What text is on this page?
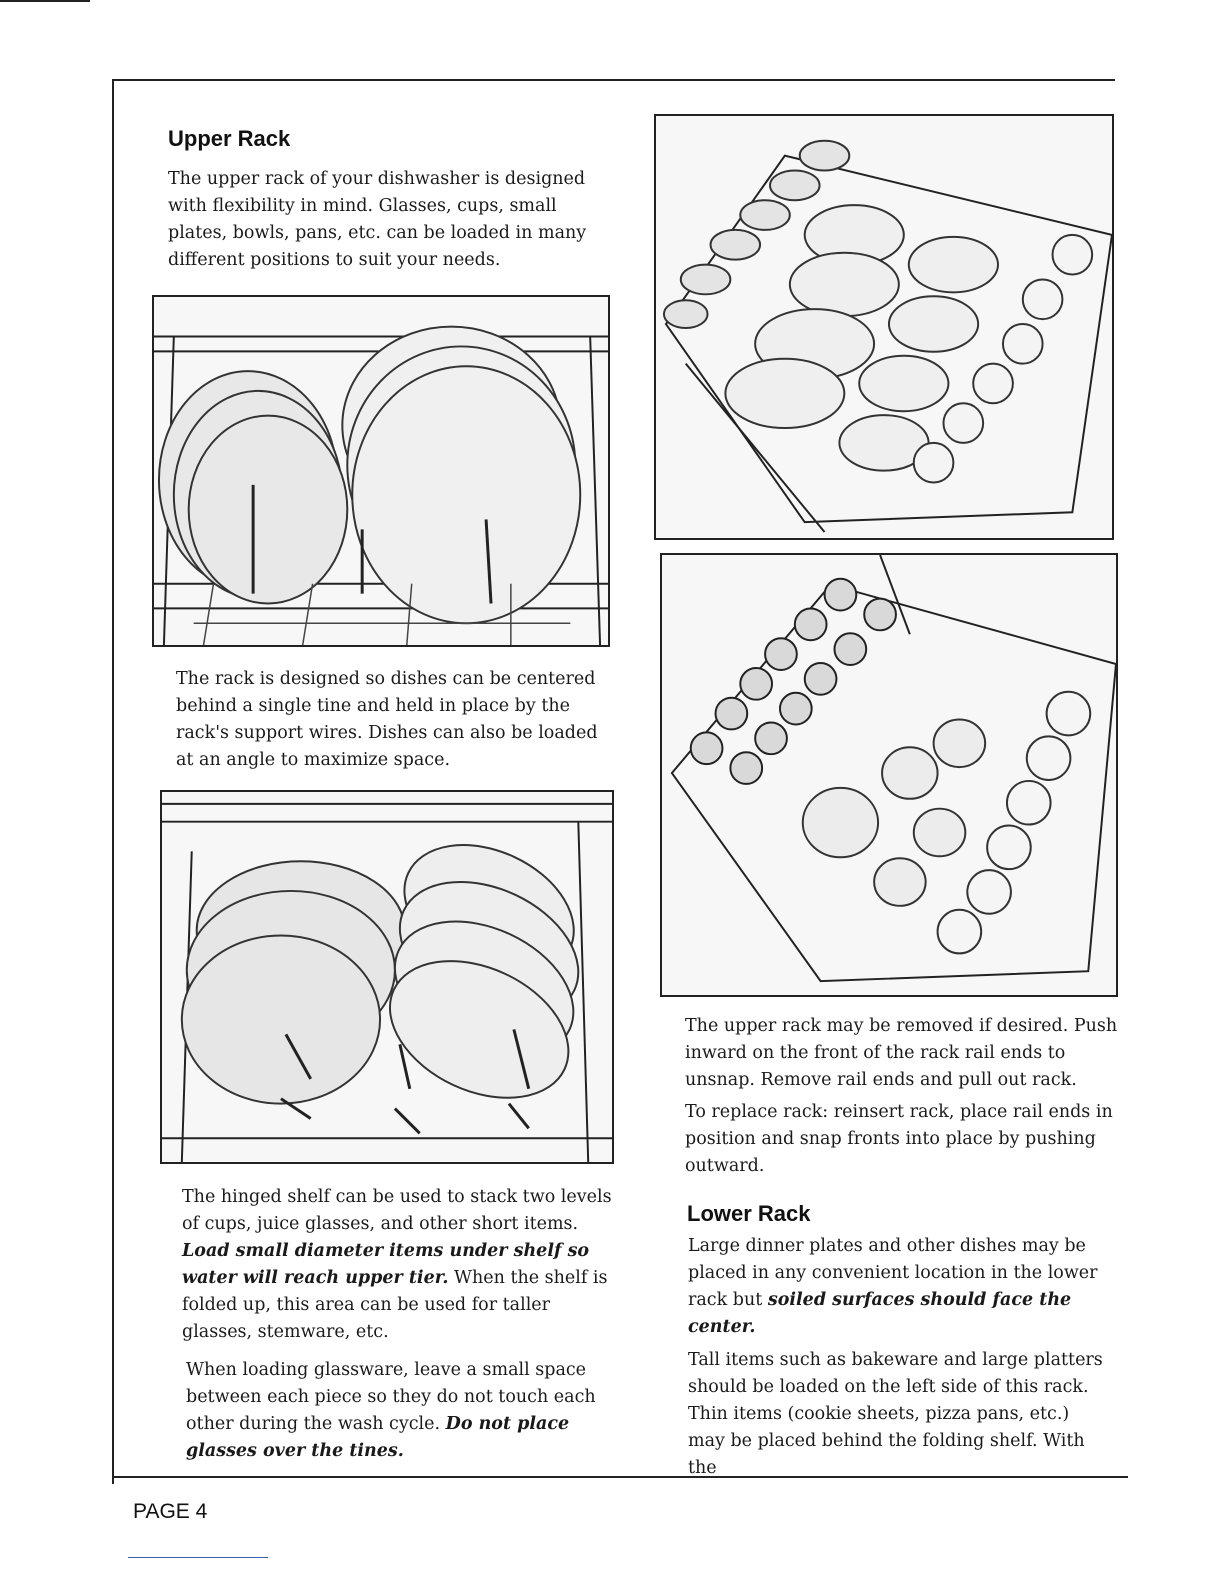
Upper Rack

The upper rack of your dishwasher is designed with flexibility in mind. Glasses, cups, small plates, bowls, pans, etc. can be loaded in many different positions to suit your needs.

The rack is designed so dishes can be centered behind a single tine and held in place by the rack's support wires. Dishes can also be loaded at an angle to maximize space.

The hinged shelf can be used to stack two levels of cups, juice glasses, and other short items. Load small diameter items under shelf so water will reach upper tier. When the shelf is folded up, this area can be used for taller glasses, stemware, etc.

When loading glassware, leave a small space between each piece so they do not touch each other during the wash cycle. Do not place glasses over the tines.

The upper rack may be removed if desired. Push inward on the front of the rack rail ends to unsnap. Remove rail ends and pull out rack.

To replace rack: reinsert rack, place rail ends in position and snap fronts into place by pushing outward.

Lower Rack

Large dinner plates and other dishes may be placed in any convenient location in the lower rack but soiled surfaces should face the center.

Tall items such as bakeware and large platters should be loaded on the left side of this rack. Thin items (cookie sheets, pizza pans, etc.) may be placed behind the folding shelf. With the

PAGE 4
